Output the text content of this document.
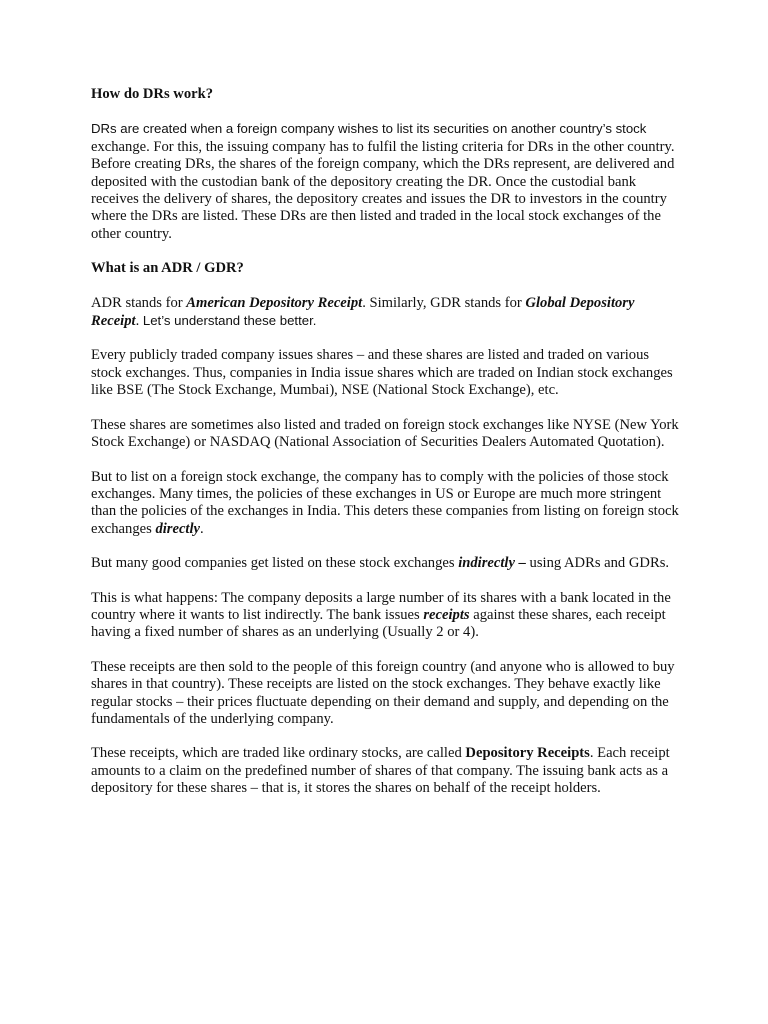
How do DRs work?

DRs are created when a foreign company wishes to list its securities on another country’s stock exchange. For this, the issuing company has to fulfil the listing criteria for DRs in the other country. Before creating DRs, the shares of the foreign company, which the DRs represent, are delivered and deposited with the custodian bank of the depository creating the DR. Once the custodial bank receives the delivery of shares, the depository creates and issues the DR to investors in the country where the DRs are listed. These DRs are then listed and traded in the local stock exchanges of the other country.

What is an ADR / GDR?

ADR stands for American Depository Receipt. Similarly, GDR stands for Global Depository Receipt. Let’s understand these better.

Every publicly traded company issues shares – and these shares are listed and traded on various stock exchanges. Thus, companies in India issue shares which are traded on Indian stock exchanges like BSE (The Stock Exchange, Mumbai), NSE (National Stock Exchange), etc.

These shares are sometimes also listed and traded on foreign stock exchanges like NYSE (New York Stock Exchange) or NASDAQ (National Association of Securities Dealers Automated Quotation).

But to list on a foreign stock exchange, the company has to comply with the policies of those stock exchanges. Many times, the policies of these exchanges in US or Europe are much more stringent than the policies of the exchanges in India. This deters these companies from listing on foreign stock exchanges directly.

But many good companies get listed on these stock exchanges indirectly – using ADRs and GDRs.

This is what happens: The company deposits a large number of its shares with a bank located in the country where it wants to list indirectly. The bank issues receipts against these shares, each receipt having a fixed number of shares as an underlying (Usually 2 or 4).

These receipts are then sold to the people of this foreign country (and anyone who is allowed to buy shares in that country). These receipts are listed on the stock exchanges. They behave exactly like regular stocks – their prices fluctuate depending on their demand and supply, and depending on the fundamentals of the underlying company.

These receipts, which are traded like ordinary stocks, are called Depository Receipts. Each receipt amounts to a claim on the predefined number of shares of that company. The issuing bank acts as a depository for these shares – that is, it stores the shares on behalf of the receipt holders.
